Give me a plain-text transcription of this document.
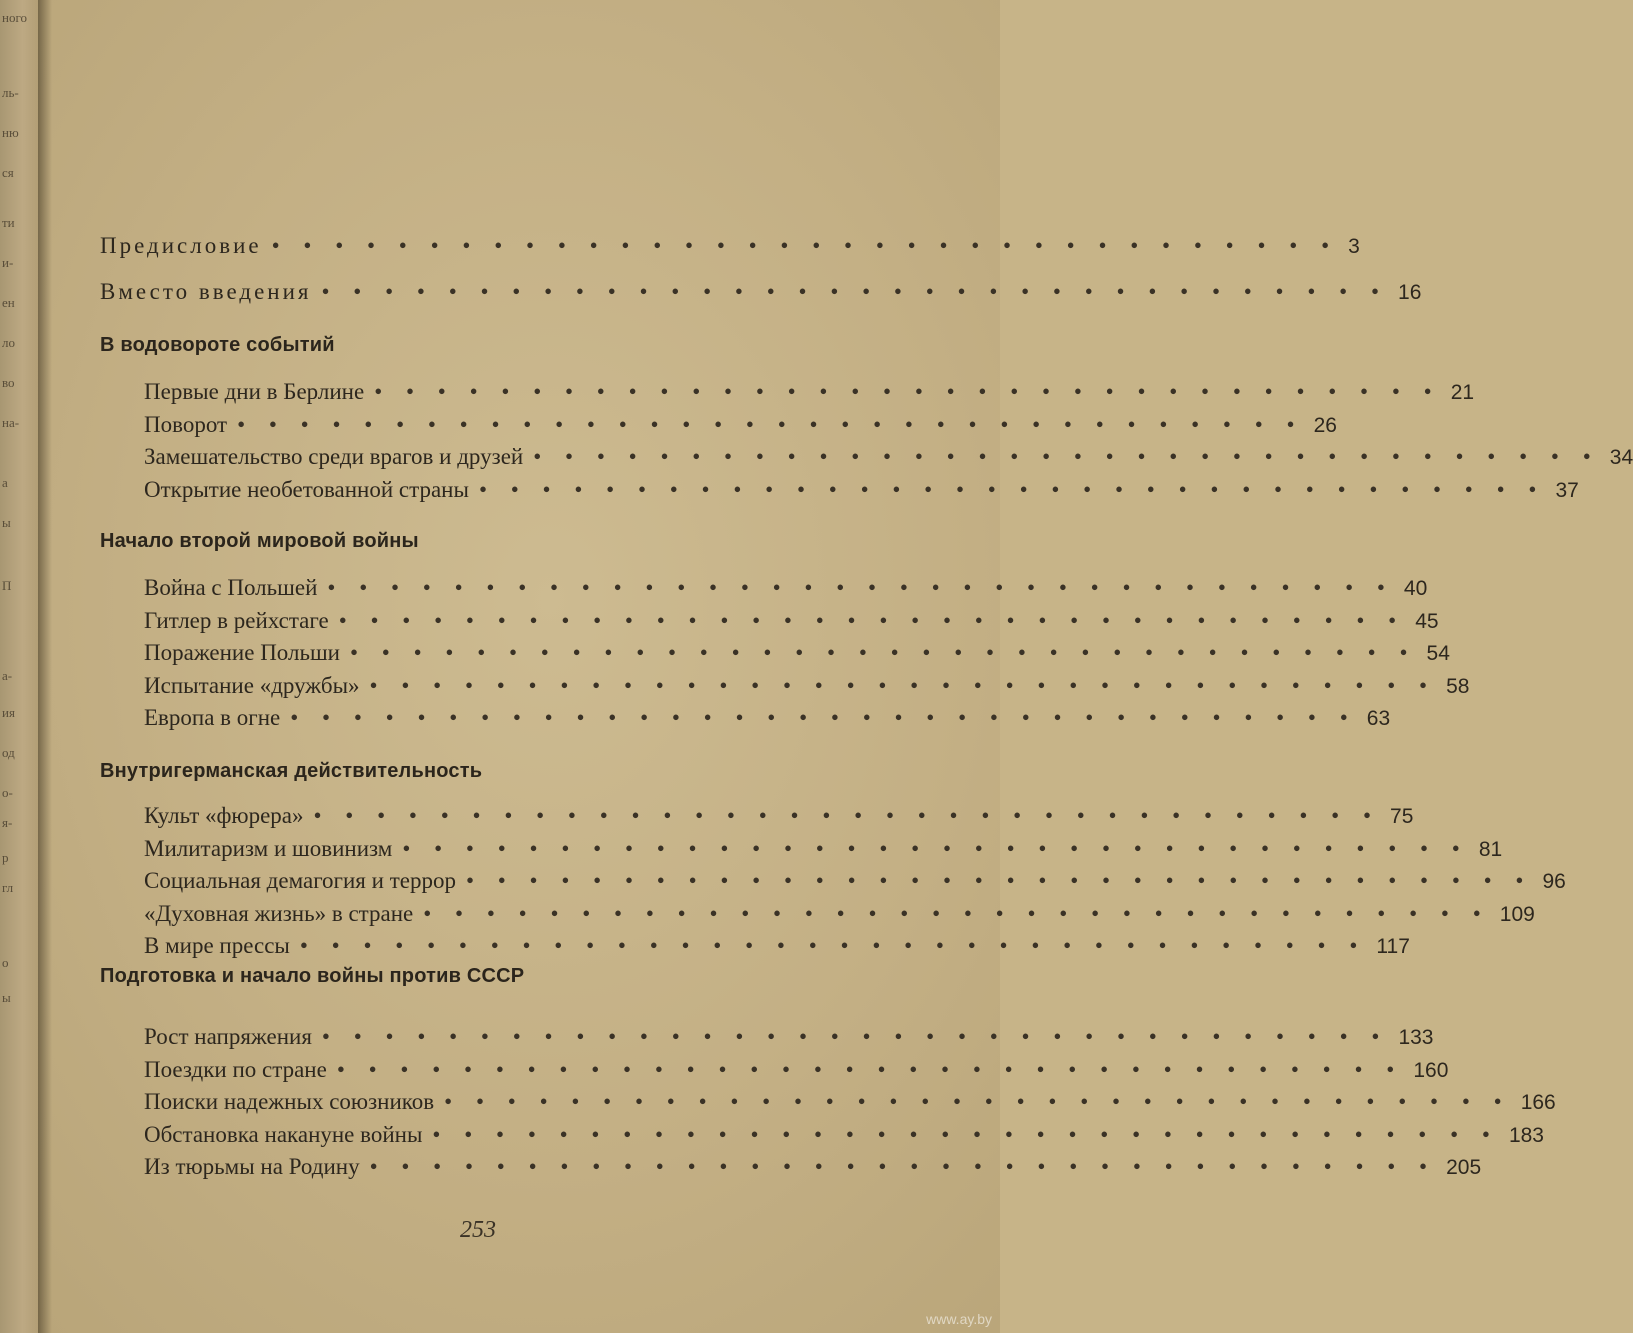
ного
ль-
ню
ся
ти
и-
ен
ло
во
на-
а
ы
П
а-
ия
од
о-
я-
р
гл
о
ы
Предисловие • • • • • • • • • • • • • • • • • • • • • • • • • • • • • • • • • • 3
Вместо введения • • • • • • • • • • • • • • • • • • • • • • • • • • • • • • • • • • 16
В водовороте событий
Первые дни в Берлине • • • • • • • • • • • • • • • • • • • • • • • • • • • • • • • • • • 21
Поворот • • • • • • • • • • • • • • • • • • • • • • • • • • • • • • • • • • 26
Замешательство среди врагов и друзей • • • • • • • • • • • • • • • • • • • • • • • • • • • • • • • • • • 34
Открытие необетованной страны • • • • • • • • • • • • • • • • • • • • • • • • • • • • • • • • • • 37
Начало второй мировой войны
Война с Польшей • • • • • • • • • • • • • • • • • • • • • • • • • • • • • • • • • • 40
Гитлер в рейхстаге • • • • • • • • • • • • • • • • • • • • • • • • • • • • • • • • • • 45
Поражение Польши • • • • • • • • • • • • • • • • • • • • • • • • • • • • • • • • • • 54
Испытание «дружбы» • • • • • • • • • • • • • • • • • • • • • • • • • • • • • • • • • • 58
Европа в огне • • • • • • • • • • • • • • • • • • • • • • • • • • • • • • • • • • 63
Внутригерманская действительность
Культ «фюрера» • • • • • • • • • • • • • • • • • • • • • • • • • • • • • • • • • • 75
Милитаризм и шовинизм • • • • • • • • • • • • • • • • • • • • • • • • • • • • • • • • • • 81
Социальная демагогия и террор • • • • • • • • • • • • • • • • • • • • • • • • • • • • • • • • • • 96
«Духовная жизнь» в стране • • • • • • • • • • • • • • • • • • • • • • • • • • • • • • • • • • 109
В мире прессы • • • • • • • • • • • • • • • • • • • • • • • • • • • • • • • • • • 117
Подготовка и начало войны против СССР
Рост напряжения • • • • • • • • • • • • • • • • • • • • • • • • • • • • • • • • • • 133
Поездки по стране • • • • • • • • • • • • • • • • • • • • • • • • • • • • • • • • • • 160
Поиски надежных союзников • • • • • • • • • • • • • • • • • • • • • • • • • • • • • • • • • • 166
Обстановка накануне войны • • • • • • • • • • • • • • • • • • • • • • • • • • • • • • • • • • 183
Из тюрьмы на Родину • • • • • • • • • • • • • • • • • • • • • • • • • • • • • • • • • • 205
253
www.ay.by
